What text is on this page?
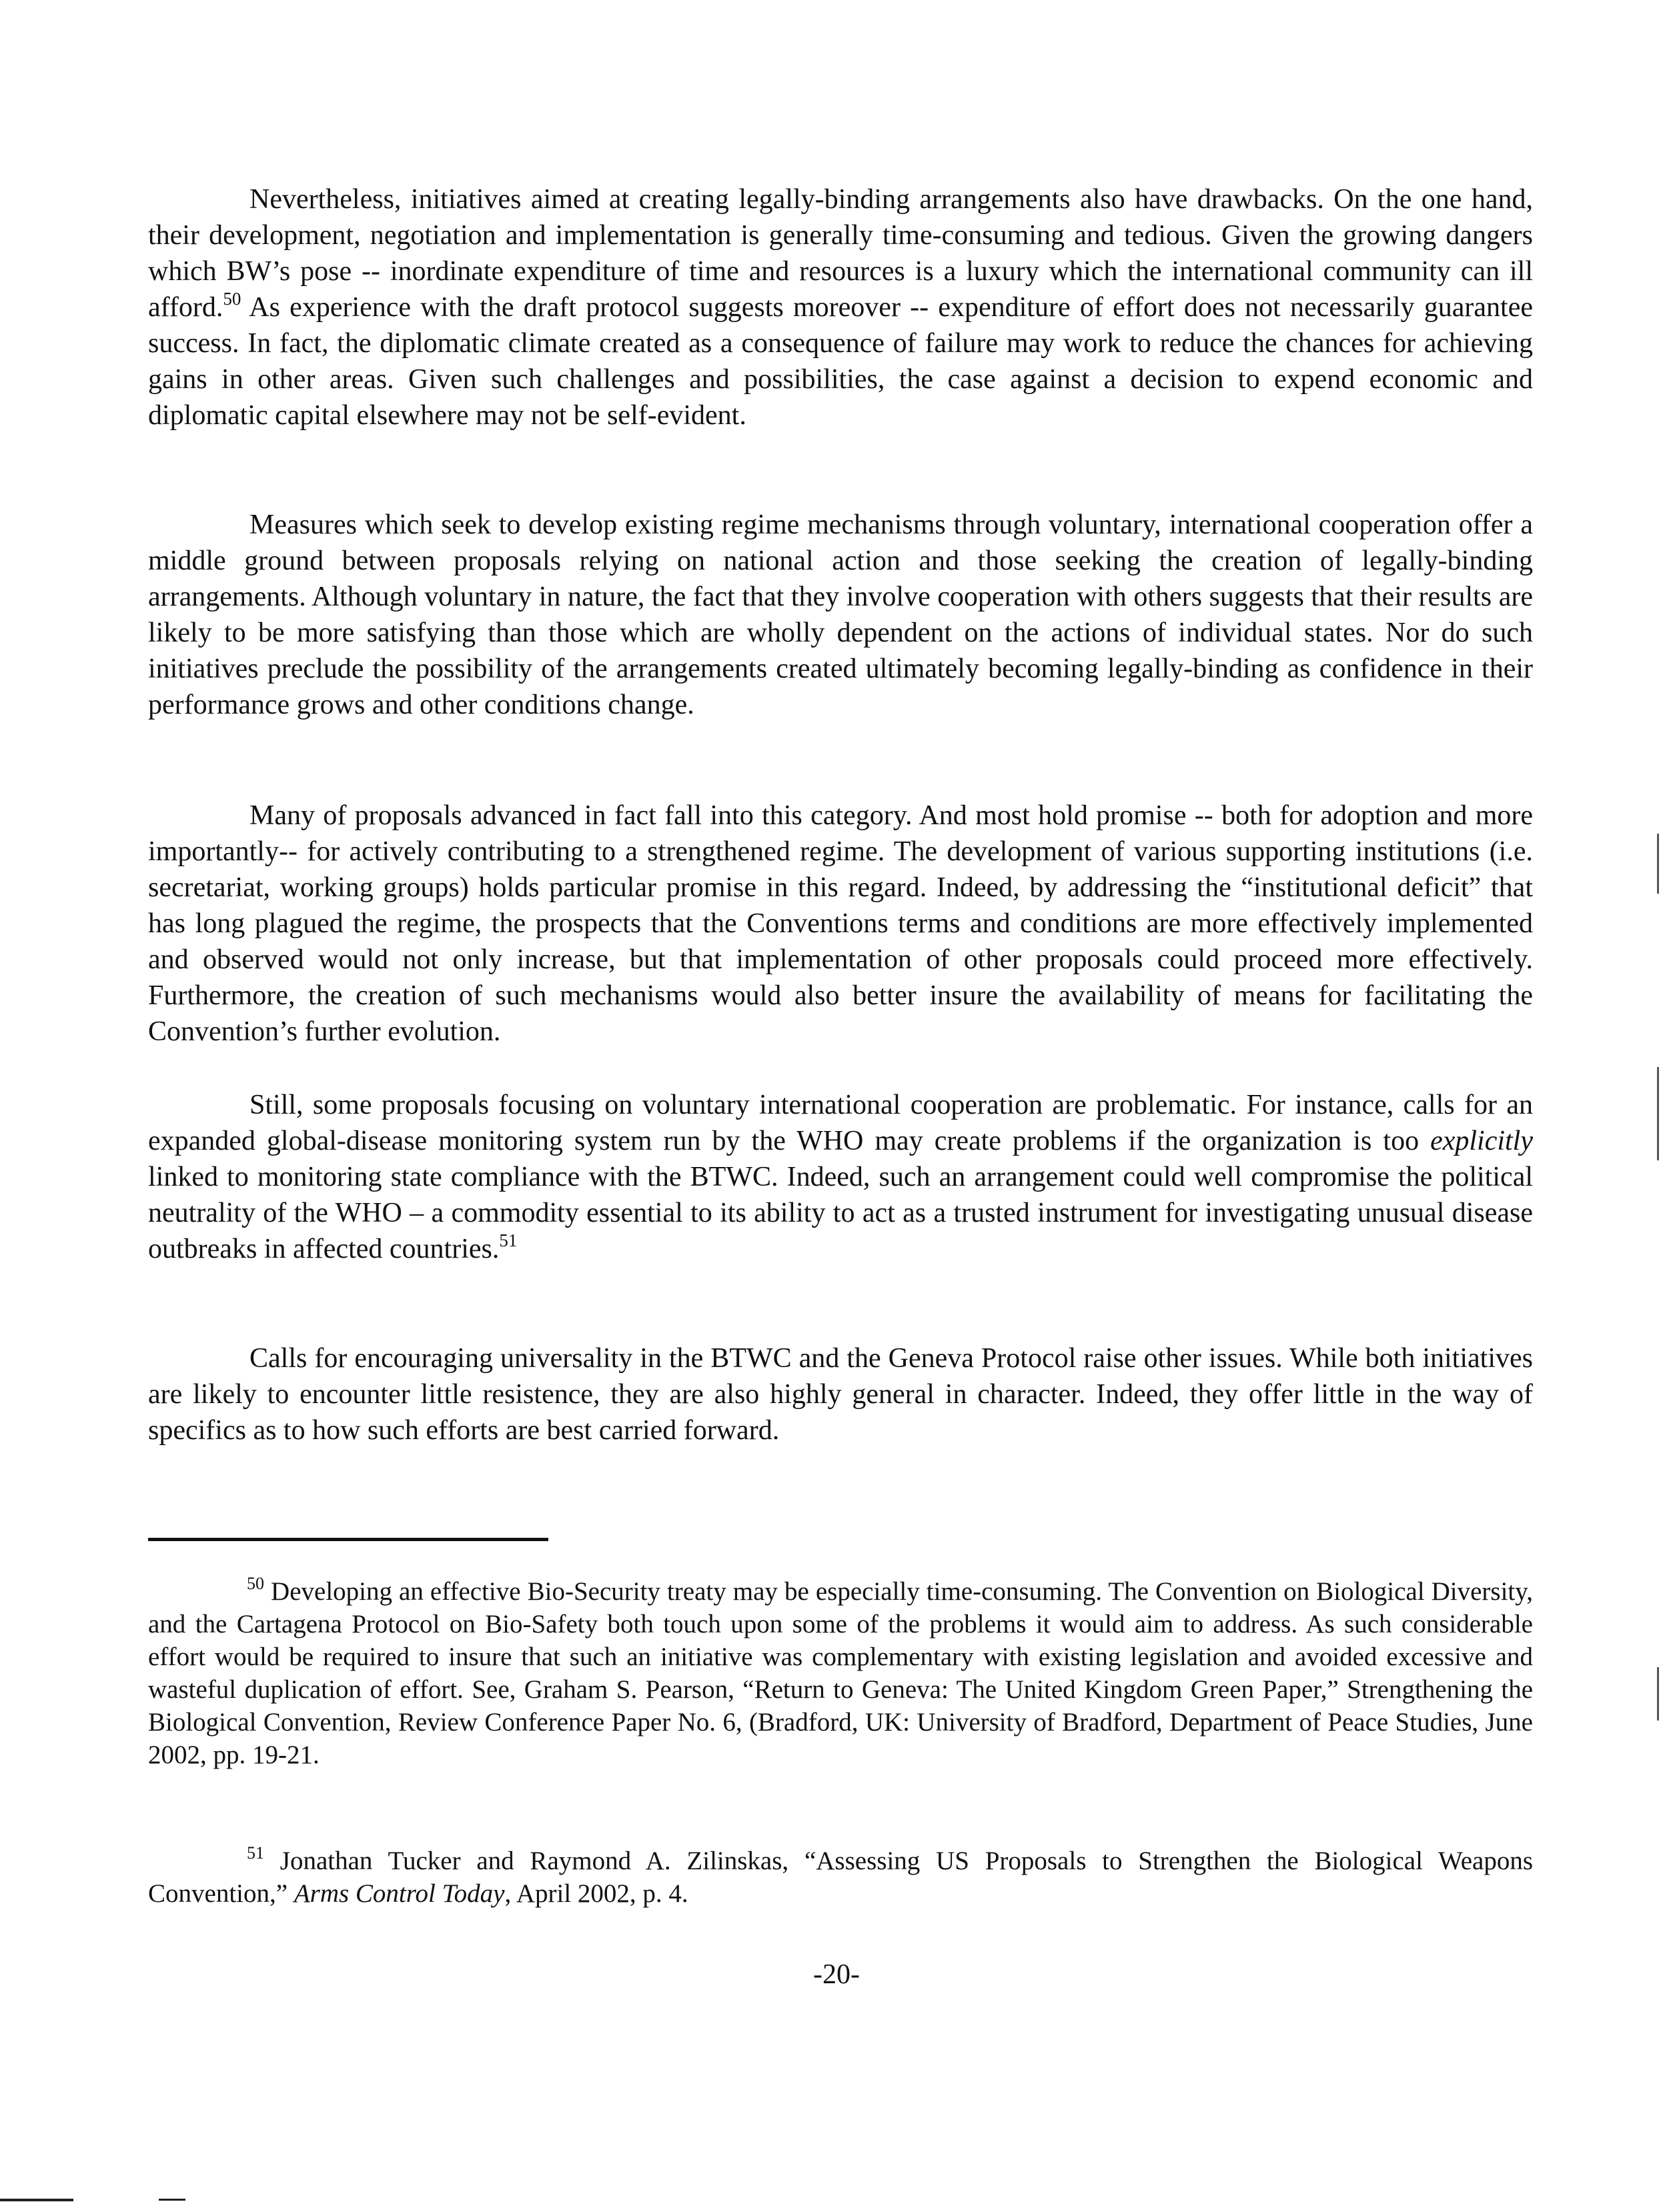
Nevertheless, initiatives aimed at creating legally-binding arrangements also have drawbacks. On the one hand, their development, negotiation and implementation is generally time-consuming and tedious. Given the growing dangers which BW’s pose -- inordinate expenditure of time and resources is a luxury which the international community can ill afford.$^{50}$ As experience with the draft protocol suggests moreover -- expenditure of effort does not necessarily guarantee success. In fact, the diplomatic climate created as a consequence of failure may work to reduce the chances for achieving gains in other areas. Given such challenges and possibilities, the case against a decision to expend economic and diplomatic capital elsewhere may not be self-evident.

Measures which seek to develop existing regime mechanisms through voluntary, international cooperation offer a middle ground between proposals relying on national action and those seeking the creation of legally-binding arrangements. Although voluntary in nature, the fact that they involve cooperation with others suggests that their results are likely to be more satisfying than those which are wholly dependent on the actions of individual states. Nor do such initiatives preclude the possibility of the arrangements created ultimately becoming legally-binding as confidence in their performance grows and other conditions change.

Many of proposals advanced in fact fall into this category. And most hold promise -- both for adoption and more importantly-- for actively contributing to a strengthened regime. The development of various supporting institutions (i.e. secretariat, working groups) holds particular promise in this regard. Indeed, by addressing the “institutional deficit” that has long plagued the regime, the prospects that the Conventions terms and conditions are more effectively implemented and observed would not only increase, but that implementation of other proposals could proceed more effectively. Furthermore, the creation of such mechanisms would also better insure the availability of means for facilitating the Convention’s further evolution.

Still, some proposals focusing on voluntary international cooperation are problematic. For instance, calls for an expanded global-disease monitoring system run by the WHO may create problems if the organization is too explicitly linked to monitoring state compliance with the BTWC. Indeed, such an arrangement could well compromise the political neutrality of the WHO – a commodity essential to its ability to act as a trusted instrument for investigating unusual disease outbreaks in affected countries.$^{51}$

Calls for encouraging universality in the BTWC and the Geneva Protocol raise other issues. While both initiatives are likely to encounter little resistence, they are also highly general in character. Indeed, they offer little in the way of specifics as to how such efforts are best carried forward.

$^{50}$ Developing an effective Bio-Security treaty may be especially time-consuming. The Convention on Biological Diversity, and the Cartagena Protocol on Bio-Safety both touch upon some of the problems it would aim to address. As such considerable effort would be required to insure that such an initiative was complementary with existing legislation and avoided excessive and wasteful duplication of effort. See, Graham S. Pearson, “Return to Geneva: The United Kingdom Green Paper,” Strengthening the Biological Convention, Review Conference Paper No. 6, (Bradford, UK: University of Bradford, Department of Peace Studies, June 2002, pp. 19-21.

$^{51}$ Jonathan Tucker and Raymond A. Zilinskas, “Assessing US Proposals to Strengthen the Biological Weapons Convention,” Arms Control Today, April 2002, p. 4.

-20-
